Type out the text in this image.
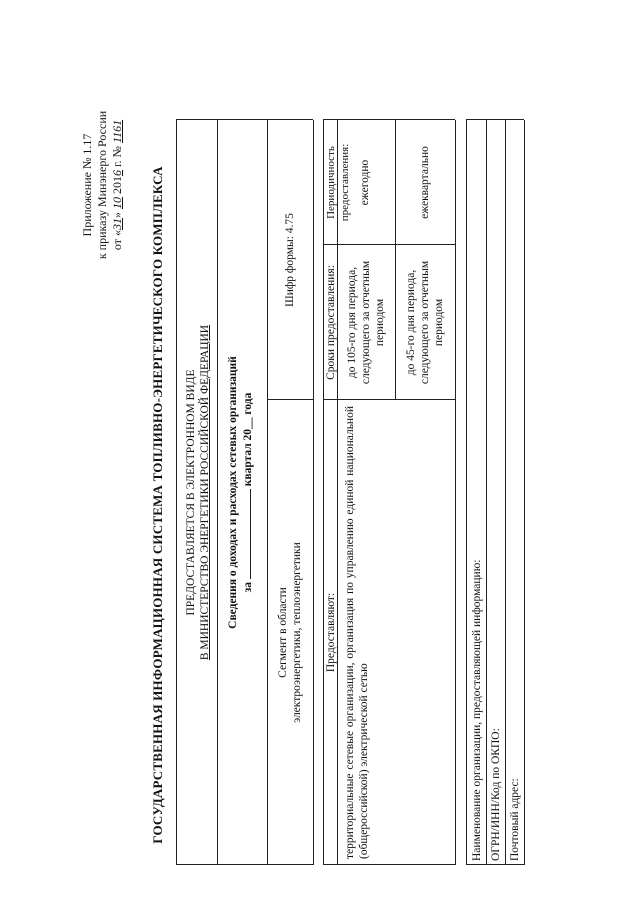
Приложение № 1.17 к приказу Минэнерго России от «31» 10 2016 г. № 1161
ГОСУДАРСТВЕННАЯ ИНФОРМАЦИОННАЯ СИСТЕМА ТОПЛИВНО-ЭНЕРГЕТИЧЕСКОГО КОМПЛЕКСА ПРЕДОСТАВЛЯЕТСЯ В ЭЛЕКТРОННОМ ВИДЕ В МИНИСТЕРСТВО ЭНЕРГЕТИКИ РОССИЙСКОЙ ФЕДЕРАЦИИ Сведения о доходах и расходах сетевых организаций за  квартал 20__ года
Сегмент в области электроэнергетики, теплоэнергетики
Шифр формы: 4.75
Предоставляют:
Сроки предоставления:
Периодичность предоставления:
территориальные сетевые организации, организация по управлению единой национальной (общероссийской) электрической сетью
до 105-го дня периода, следующего за отчетным периодом
ежегодно
до 45-го дня периода, следующего за отчетным периодом
ежеквартально
Наименование организации, предоставляющей информацию: ОГРН/ИНН/Код по ОКПО: Почтовый адрес:
